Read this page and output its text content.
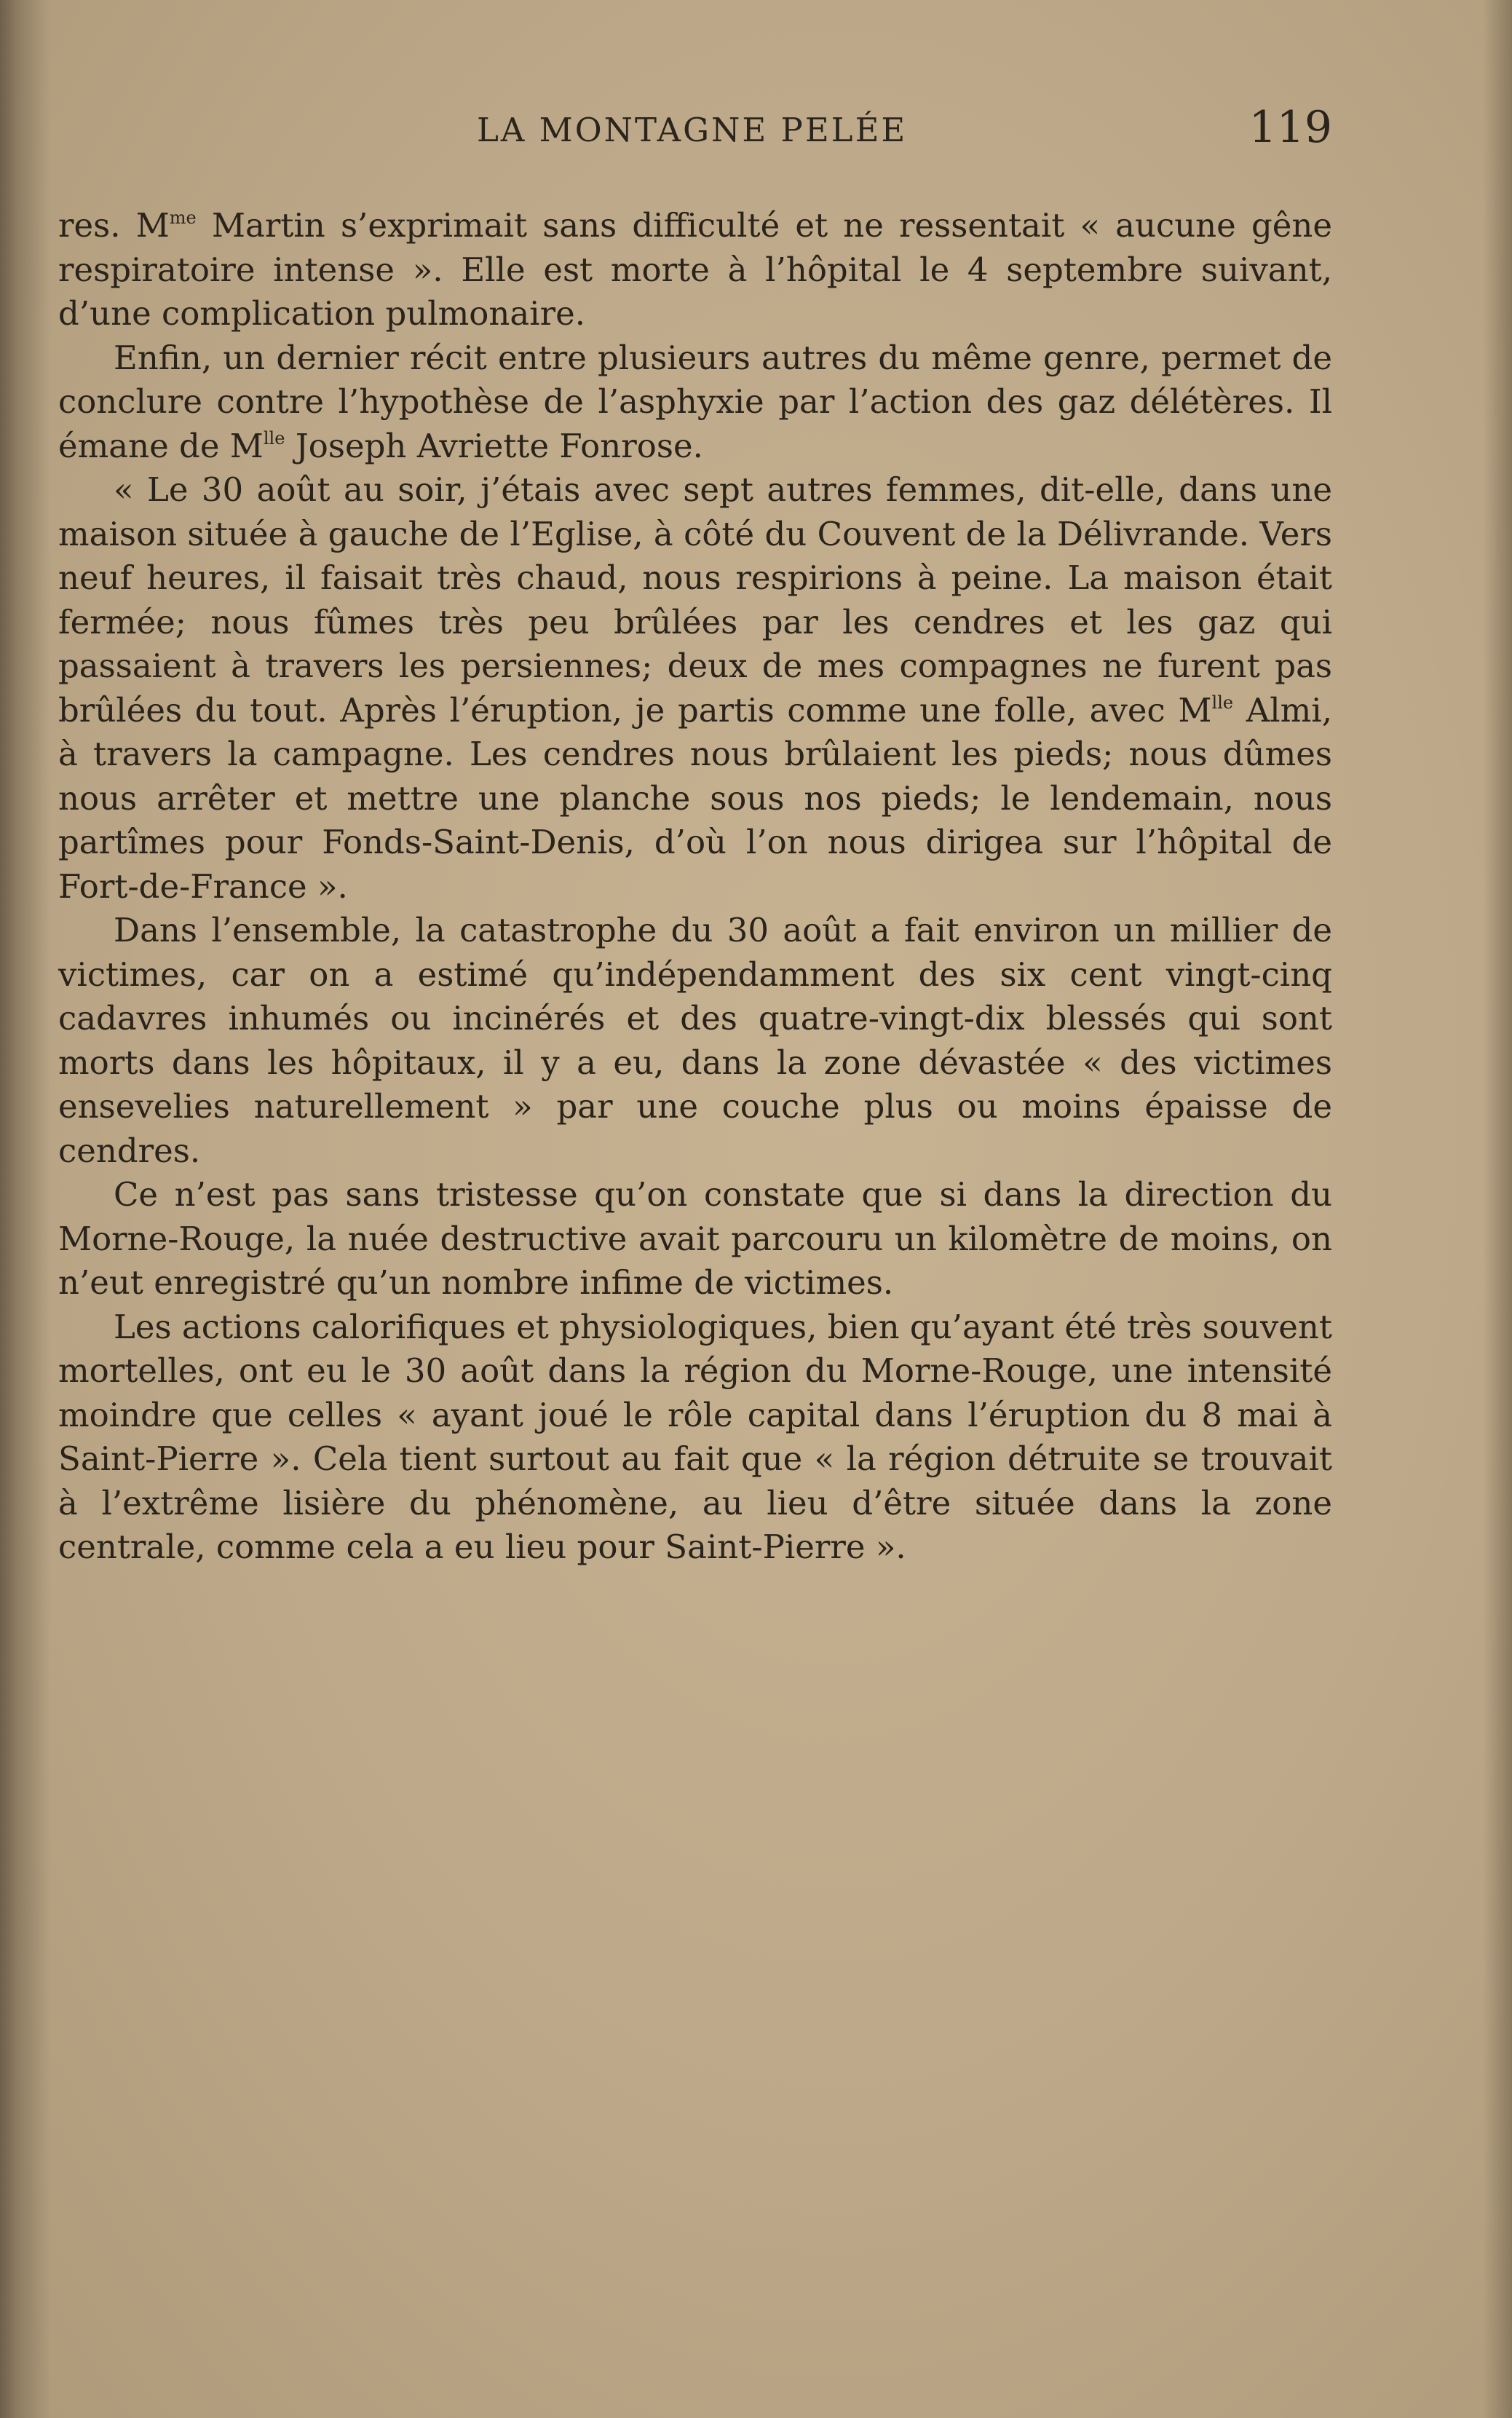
LA MONTAGNE PELÉE	119

res. $M^{me}$ Martin s’exprimait sans difficulté et ne ressentait « aucune gêne respiratoire intense ». Elle est morte à l’hôpital le 4 septembre suivant, d’une complication pulmonaire.

Enfin, un dernier récit entre plusieurs autres du même genre, permet de conclure contre l’hypothèse de l’asphyxie par l’action des gaz délétères. Il émane de $M^{lle}$ Joseph Avriette Fonrose.

« Le 30 août au soir, j’étais avec sept autres femmes, dit-elle, dans une maison située à gauche de l’Eglise, à côté du Couvent de la Délivrande. Vers neuf heures, il faisait très chaud, nous respirions à peine. La maison était fermée; nous fûmes très peu brûlées par les cendres et les gaz qui passaient à travers les persiennes; deux de mes compagnes ne furent pas brûlées du tout. Après l’éruption, je partis comme une folle, avec $M^{lle}$ Almi, à travers la campagne. Les cendres nous brûlaient les pieds; nous dûmes nous arrêter et mettre une planche sous nos pieds; le lendemain, nous partîmes pour Fonds-Saint-Denis, d’où l’on nous dirigea sur l’hôpital de Fort-de-France ».

Dans l’ensemble, la catastrophe du 30 août a fait environ un millier de victimes, car on a estimé qu’indépendamment des six cent vingt-cinq cadavres inhumés ou incinérés et des quatre-vingt-dix blessés qui sont morts dans les hôpitaux, il y a eu, dans la zone dévastée « des victimes ensevelies naturellement » par une couche plus ou moins épaisse de cendres.

Ce n’est pas sans tristesse qu’on constate que si dans la direction du Morne-Rouge, la nuée destructive avait parcouru un kilomètre de moins, on n’eut enregistré qu’un nombre infime de victimes.

Les actions calorifiques et physiologiques, bien qu’ayant été très souvent mortelles, ont eu le 30 août dans la région du Morne-Rouge, une intensité moindre que celles « ayant joué le rôle capital dans l’éruption du 8 mai à Saint-Pierre ». Cela tient surtout au fait que « la région détruite se trouvait à l’extrême lisière du phénomène, au lieu d’être située dans la zone centrale, comme cela a eu lieu pour Saint-Pierre ».
